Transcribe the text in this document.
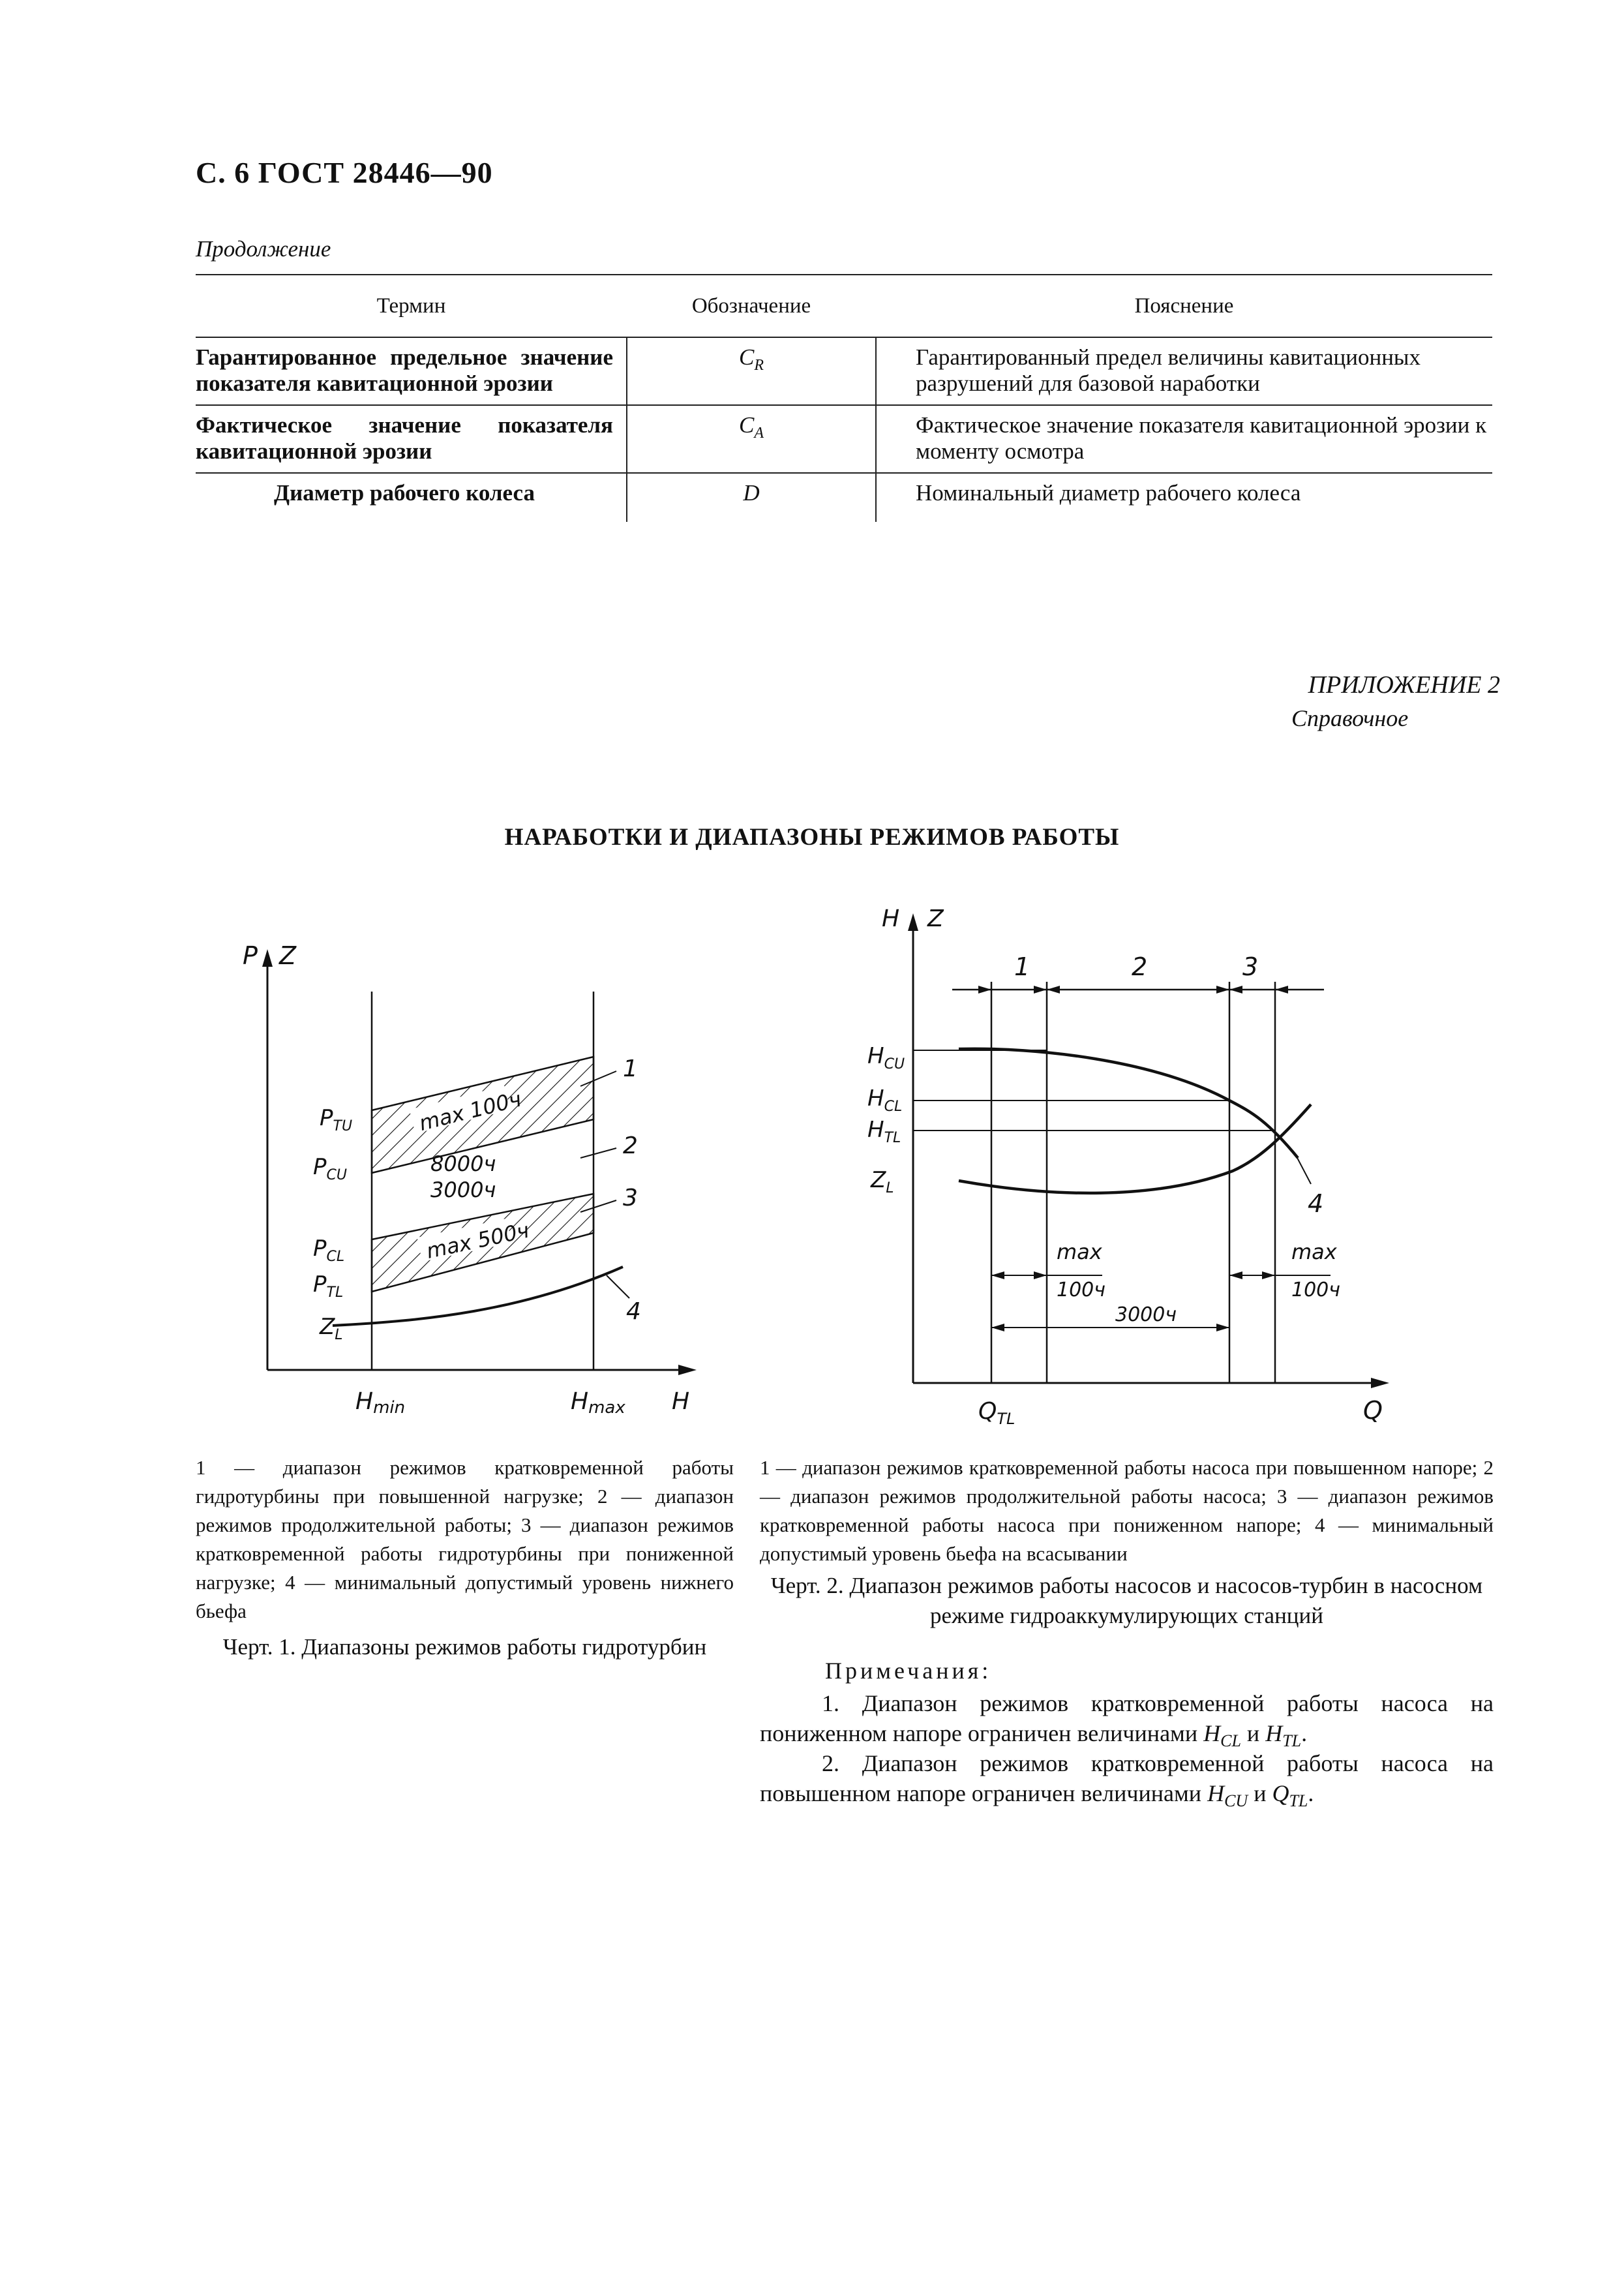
С. 6 ГОСТ 28446—90
Продолжение
Термин	Обозначение	Пояснение
Гарантированное предельное значение показателя кавитационной эрозии	$C_R$	Гарантированный предел величины кавитационных разрушений для базовой наработки
Фактическое значение показателя кавитационной эрозии	$C_A$	Фактическое значение показателя кавитационной эрозии к моменту осмотра
Диаметр рабочего колеса	D	Номинальный диаметр рабочего колеса
ПРИЛОЖЕНИЕ 2
Справочное
НАРАБОТКИ И ДИАПАЗОНЫ РЕЖИМОВ РАБОТЫ
P Z
max 100ч
max 500ч
8000ч
3000ч
1
2
3
4
$P_{TU}$
$P_{CU}$
$P_{CL}$
$P_{TL}$
$Z_L$
Hmin	Hmax H
H Z
1	2	3
4
$H_{CU}$
$H_{CL}$
$H_{TL}$
$Z_L$
max
100ч
max
100ч
3000ч
$Q_{TL}$	Q
1 — диапазон режимов кратковременной работы гидротурбины при повышенной нагрузке; 2 — диапазон режимов продолжительной работы; 3 — диапазон режимов кратковременной работы гидротурбины при пониженной нагрузке; 4 — минимальный допустимый уровень нижнего бьефа
Черт. 1. Диапазоны режимов работы гидротурбин
1 — диапазон режимов кратковременной работы насоса при повышенном напоре; 2 — диапазон режимов продолжительной работы насоса; 3 — диапазон режимов кратковременной работы насоса при пониженном напоре; 4 — минимальный допустимый уровень бьефа на всасывании
Черт. 2. Диапазон режимов работы насосов и насосов-турбин в насосном режиме гидроаккумулирующих станций
Примечания:
1. Диапазон режимов кратковременной работы насоса на пониженном напоре ограничен величинами $H_{CL}$ и $H_{TL}$.
2. Диапазон режимов кратковременной работы насоса на повышенном напоре ограничен величинами $H_{CU}$ и $Q_{TL}$.
